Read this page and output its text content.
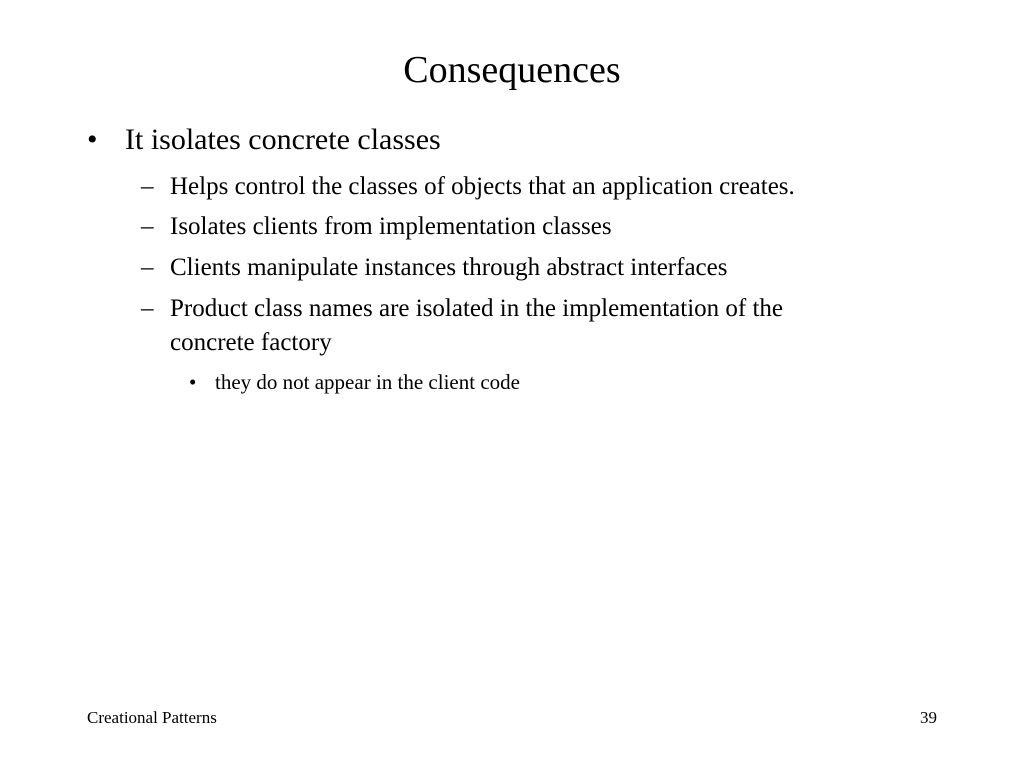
Consequences
• It isolates concrete classes
– Helps control the classes of objects that an application creates.
– Isolates clients from implementation classes
– Clients manipulate instances through abstract interfaces
– Product class names are isolated in the implementation of the
concrete factory
• they do not appear in the client code
Creational Patterns	39
